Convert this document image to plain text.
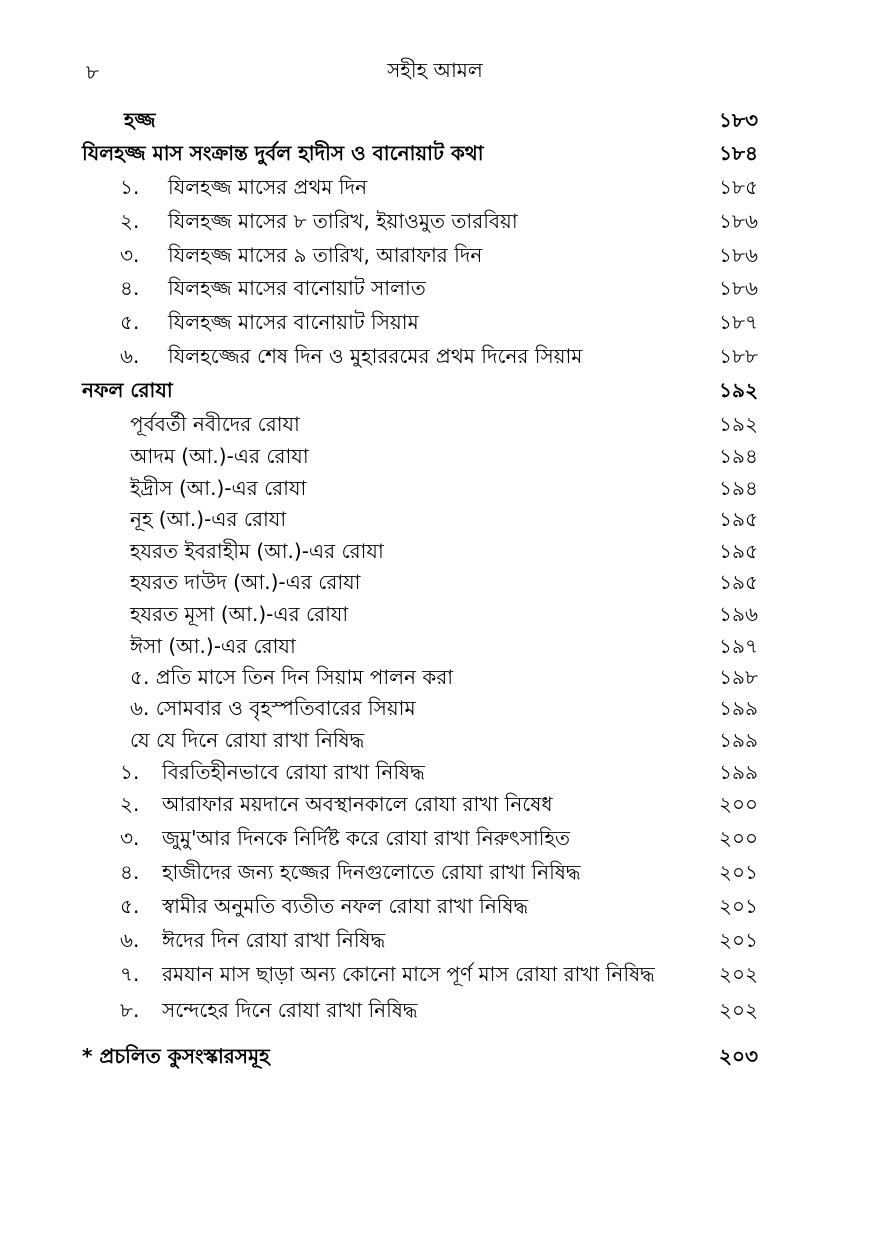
৮	সহীহ আমল
হজ্জ	১৮৩
যিলহজ্জ মাস সংক্রান্ত দুর্বল হাদীস ও বানোয়াট কথা	১৮৪
১. যিলহজ্জ মাসের প্রথম দিন	১৮৫
২. যিলহজ্জ মাসের ৮ তারিখ, ইয়াওমুত তারবিয়া	১৮৬
৩. যিলহজ্জ মাসের ৯ তারিখ, আরাফার দিন	১৮৬
৪. যিলহজ্জ মাসের বানোয়াট সালাত	১৮৬
৫. যিলহজ্জ মাসের বানোয়াট সিয়াম	১৮৭
৬. যিলহজ্জের শেষ দিন ও মুহাররমের প্রথম দিনের সিয়াম	১৮৮
নফল রোযা	১৯২
পূর্ববর্তী নবীদের রোযা	১৯২
আদম (আ.)-এর রোযা	১৯৪
ইদ্রীস (আ.)-এর রোযা	১৯৪
নূহ (আ.)-এর রোযা	১৯৫
হযরত ইবরাহীম (আ.)-এর রোযা	১৯৫
হযরত দাউদ (আ.)-এর রোযা	১৯৫
হযরত মূসা (আ.)-এর রোযা	১৯৬
ঈসা (আ.)-এর রোযা	১৯৭
৫. প্রতি মাসে তিন দিন সিয়াম পালন করা	১৯৮
৬. সোমবার ও বৃহস্পতিবারের সিয়াম	১৯৯
যে যে দিনে রোযা রাখা নিষিদ্ধ	১৯৯
১. বিরতিহীনভাবে রোযা রাখা নিষিদ্ধ	১৯৯
২. আরাফার ময়দানে অবস্থানকালে রোযা রাখা নিষেধ	২০০
৩. জুমু'আর দিনকে নির্দিষ্ট করে রোযা রাখা নিরুৎসাহিত	২০০
৪. হাজীদের জন্য হজ্জের দিনগুলোতে রোযা রাখা নিষিদ্ধ	২০১
৫. স্বামীর অনুমতি ব্যতীত নফল রোযা রাখা নিষিদ্ধ	২০১
৬. ঈদের দিন রোযা রাখা নিষিদ্ধ	২০১
৭. রমযান মাস ছাড়া অন্য কোনো মাসে পূর্ণ মাস রোযা রাখা নিষিদ্ধ	২০২
৮. সন্দেহের দিনে রোযা রাখা নিষিদ্ধ	২০২
* প্রচলিত কুসংস্কারসমূহ	২০৩
